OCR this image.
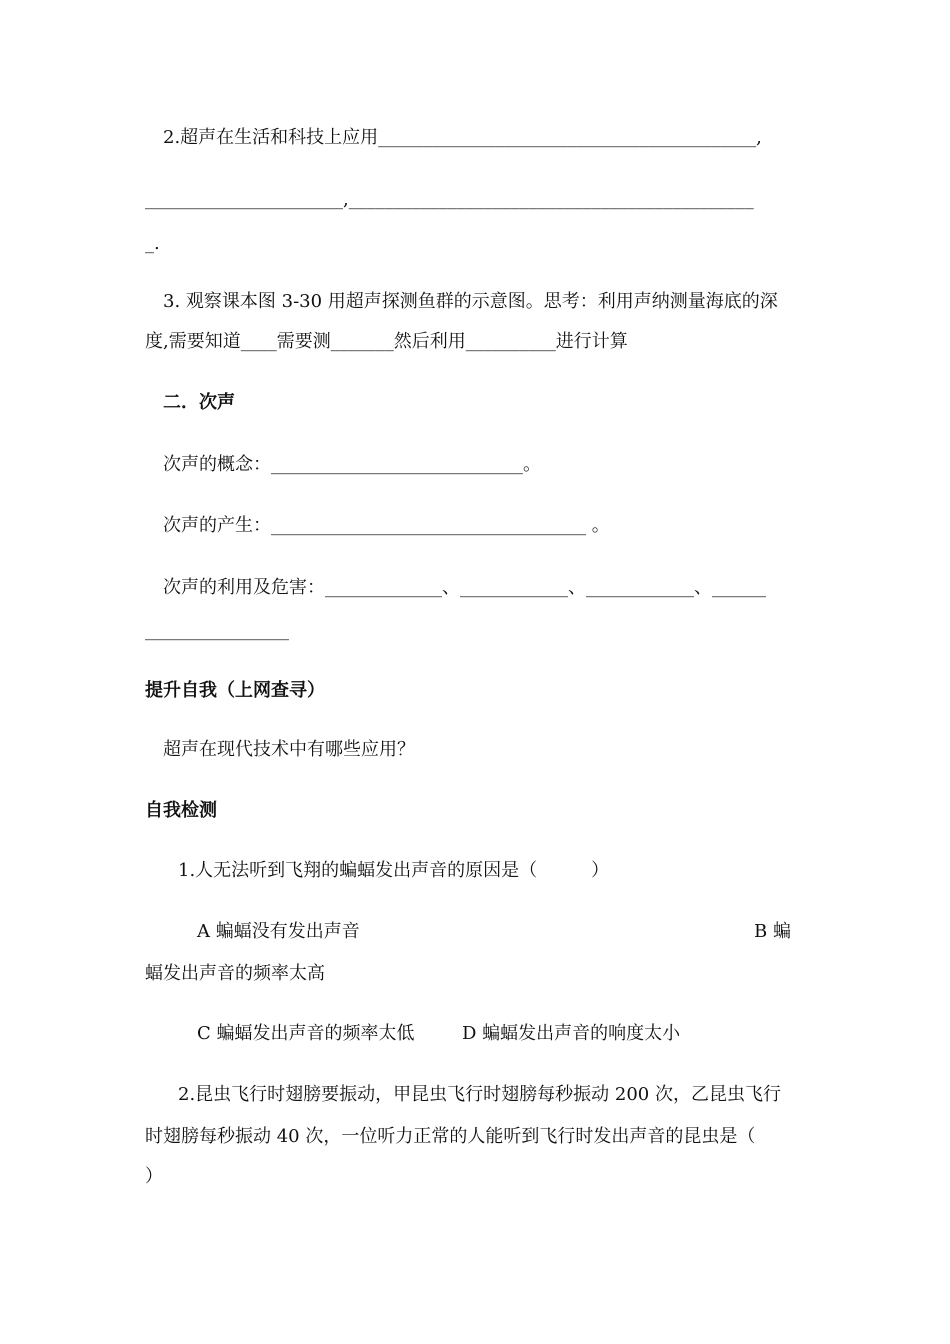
2.超声在生活和科技上应用__________________________________________,
______________________,_____________________________________________
_.
3. 观察课本图 3-30 用超声探测鱼群的示意图。思考：利用声纳测量海底的深
度,需要知道____需要测_______然后利用__________进行计算
二．次声
次声的概念：____________________________。
次声的产生：___________________________________ 。
次声的利用及危害：_____________、____________、____________、______
________________
提升自我（上网查寻）
超声在现代技术中有哪些应用？
自我检测
1.人无法听到飞翔的蝙蝠发出声音的原因是（　　　）
A 蝙蝠没有发出声音	B 蝙
蝠发出声音的频率太高
C 蝙蝠发出声音的频率太低	D 蝙蝠发出声音的响度太小
2.昆虫飞行时翅膀要振动，甲昆虫飞行时翅膀每秒振动 200 次，乙昆虫飞行
时翅膀每秒振动 40 次，一位听力正常的人能听到飞行时发出声音的昆虫是（
）
